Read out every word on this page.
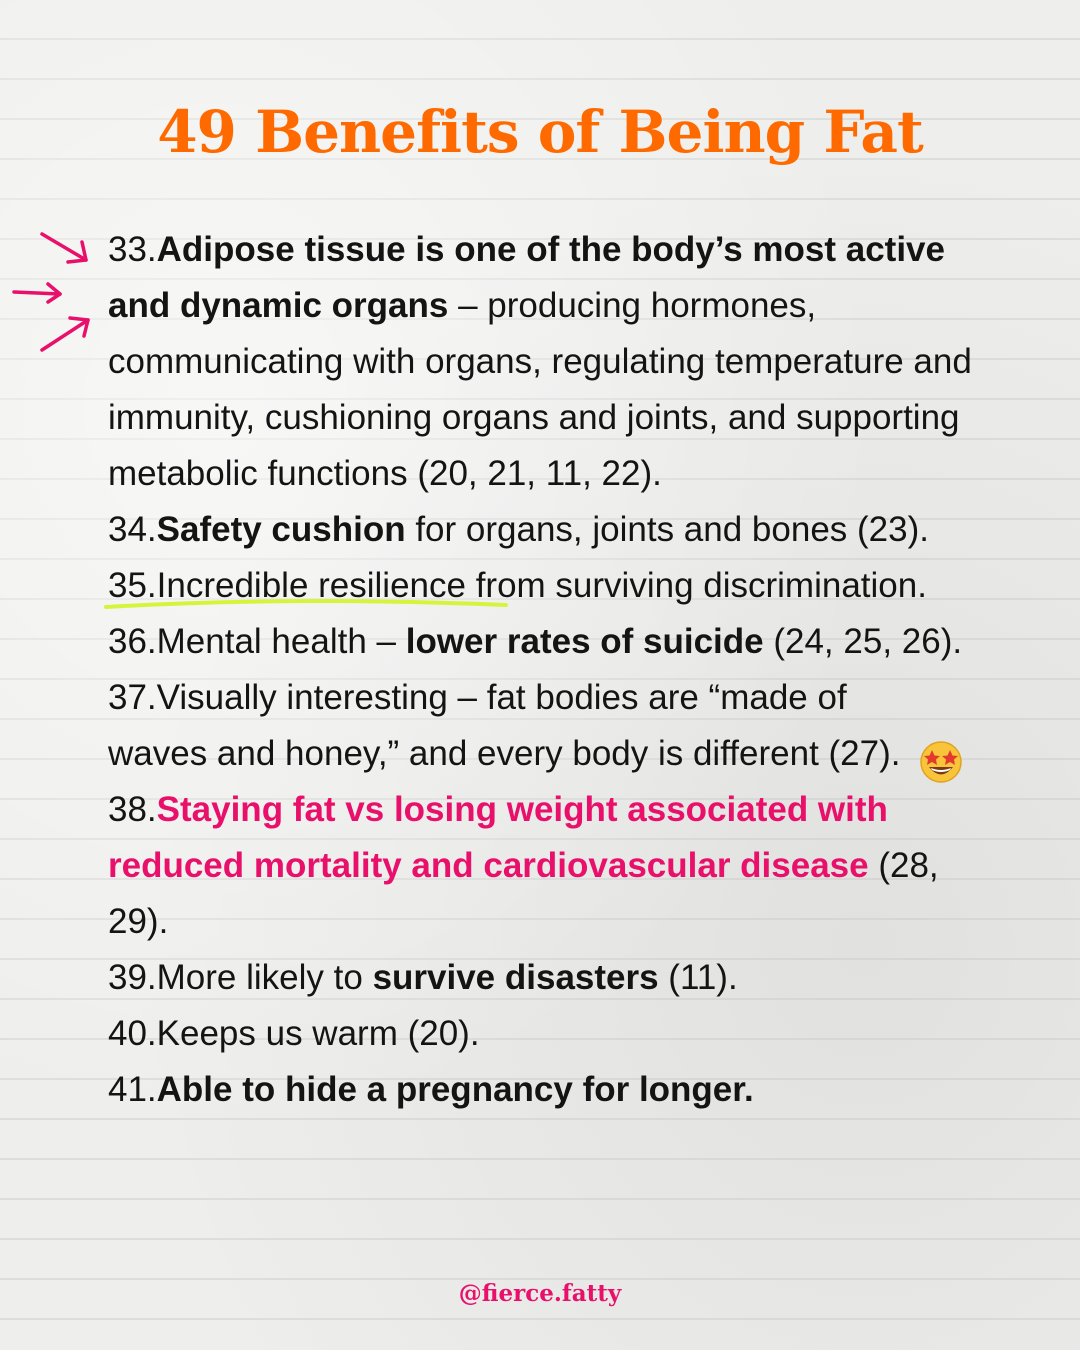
49 Benefits of Being Fat

33.Adipose tissue is one of the body’s most active and dynamic organs – producing hormones, communicating with organs, regulating temperature and immunity, cushioning organs and joints, and supporting metabolic functions (20, 21, 11, 22).

34.Safety cushion for organs, joints and bones (23).

35.Incredible resilience from surviving discrimination.

36.Mental health – lower rates of suicide (24, 25, 26).

37.Visually interesting – fat bodies are “made of waves and honey,” and every body is different (27).

38.Staying fat vs losing weight associated with reduced mortality and cardiovascular disease (28, 29).

39.More likely to survive disasters (11).

40.Keeps us warm (20).

41.Able to hide a pregnancy for longer.

@fierce.fatty
